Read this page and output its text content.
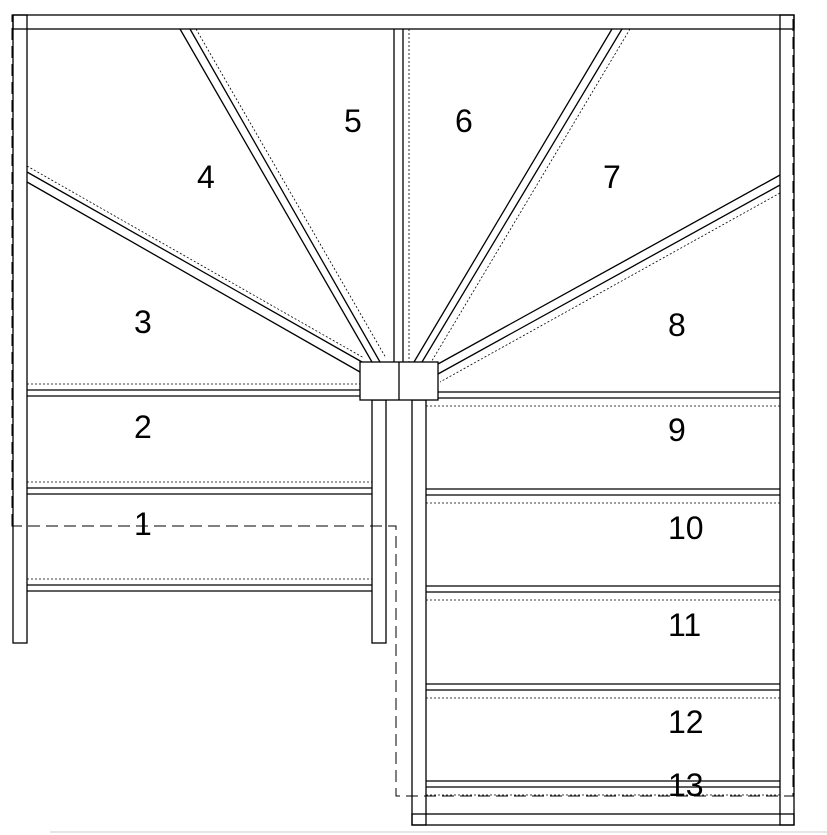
1
2
3
4
5	6
7
8
9
10
11
12
13
